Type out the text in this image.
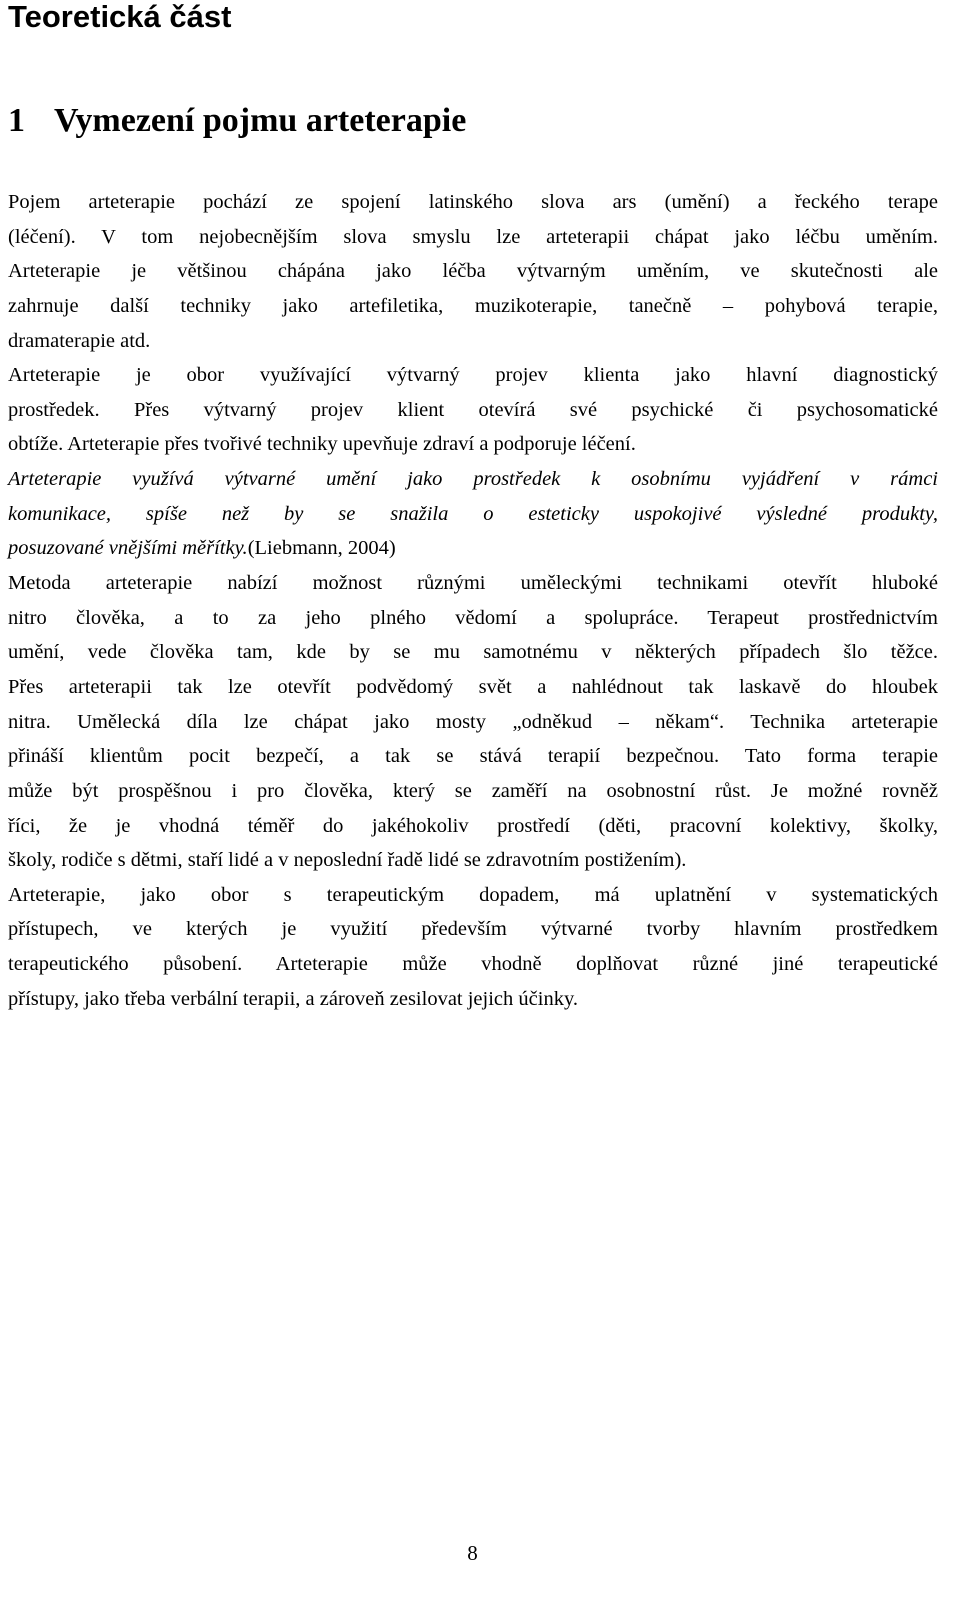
Teoretická část
1 Vymezení pojmu arteterapie
Pojem arteterapie pochází ze spojení latinského slova ars (umění) a řeckého terape
(léčení). V tom nejobecnějším slova smyslu lze arteterapii chápat jako léčbu uměním.
Arteterapie je většinou chápána jako léčba výtvarným uměním, ve skutečnosti ale
zahrnuje další techniky jako artefiletika, muzikoterapie, tanečně – pohybová terapie,
dramaterapie atd.
Arteterapie je obor využívající výtvarný projev klienta jako hlavní diagnostický
prostředek. Přes výtvarný projev klient otevírá své psychické či psychosomatické
obtíže. Arteterapie přes tvořivé techniky upevňuje zdraví a podporuje léčení.
Arteterapie využívá výtvarné umění jako prostředek k osobnímu vyjádření v rámci
komunikace, spíše než by se snažila o esteticky uspokojivé výsledné produkty,
posuzované vnějšími měřítky.(Liebmann, 2004)
Metoda arteterapie nabízí možnost různými uměleckými technikami otevřít hluboké
nitro člověka, a to za jeho plného vědomí a spolupráce. Terapeut prostřednictvím
umění, vede člověka tam, kde by se mu samotnému v některých případech šlo těžce.
Přes arteterapii tak lze otevřít podvědomý svět a nahlédnout tak laskavě do hloubek
nitra. Umělecká díla lze chápat jako mosty „odněkud – někam“. Technika arteterapie
přináší klientům pocit bezpečí, a tak se stává terapií bezpečnou. Tato forma terapie
může být prospěšnou i pro člověka, který se zaměří na osobnostní růst. Je možné rovněž
říci, že je vhodná téměř do jakéhokoliv prostředí (děti, pracovní kolektivy, školky,
školy, rodiče s dětmi, staří lidé a v neposlední řadě lidé se zdravotním postižením).
Arteterapie, jako obor s terapeutickým dopadem, má uplatnění v systematických
přístupech, ve kterých je využití především výtvarné tvorby hlavním prostředkem
terapeutického působení. Arteterapie může vhodně doplňovat různé jiné terapeutické
přístupy, jako třeba verbální terapii, a zároveň zesilovat jejich účinky.
8
